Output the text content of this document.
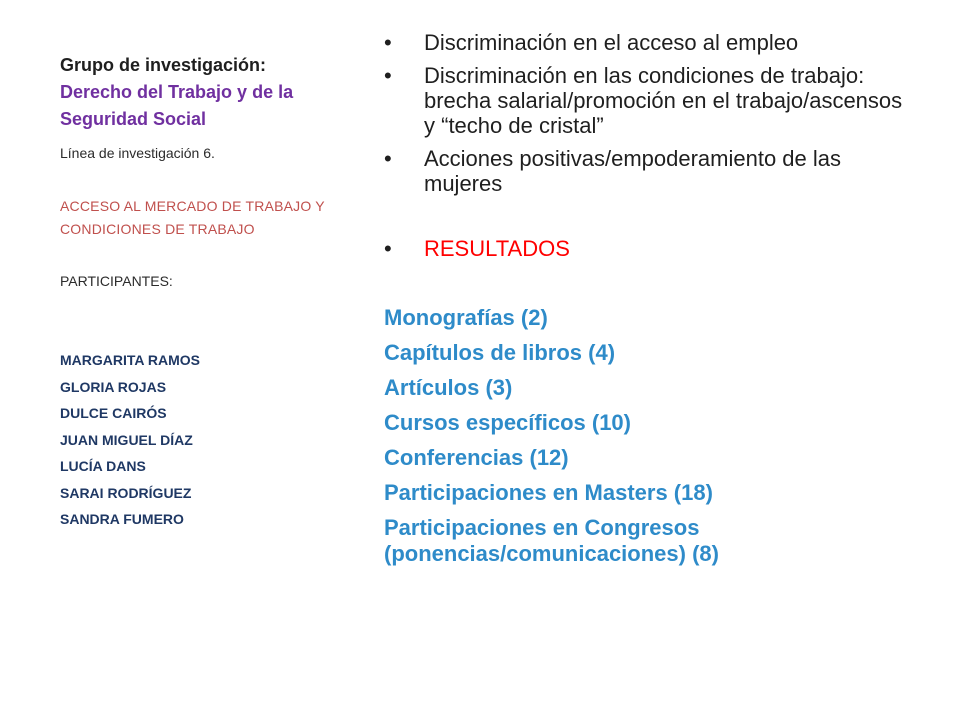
Grupo de investigación:
Derecho del Trabajo y de la Seguridad Social
Línea de investigación 6.
ACCESO AL MERCADO DE TRABAJO Y CONDICIONES DE TRABAJO
PARTICIPANTES:
MARGARITA RAMOS
GLORIA ROJAS
DULCE CAIRÓS
JUAN MIGUEL DÍAZ
LUCÍA DANS
SARAI RODRÍGUEZ
SANDRA FUMERO
• Discriminación en el acceso al empleo
• Discriminación en las condiciones de trabajo: brecha salarial/promoción en el trabajo/ascensos y “techo de cristal”
• Acciones positivas/empoderamiento de las mujeres
• RESULTADOS
Monografías (2)
Capítulos de libros (4)
Artículos (3)
Cursos específicos (10)
Conferencias (12)
Participaciones en Masters (18)
Participaciones en Congresos (ponencias/comunicaciones) (8)
